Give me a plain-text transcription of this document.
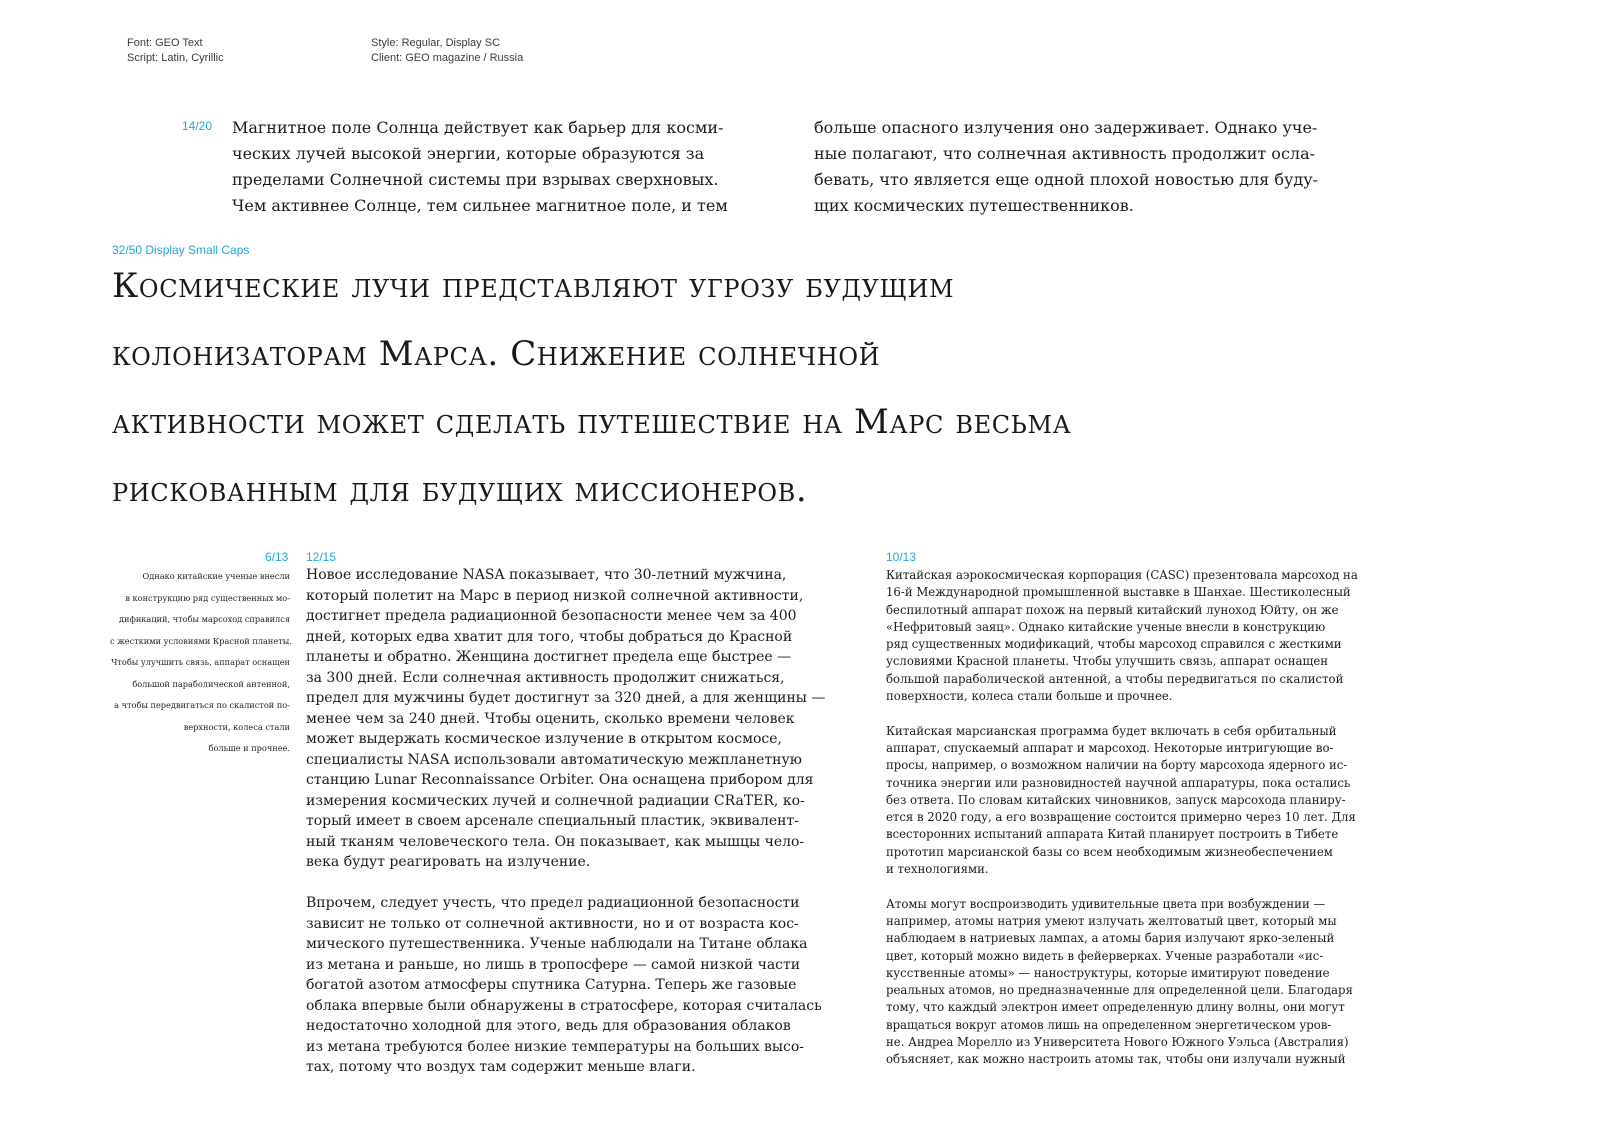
Font: GEO Text
Script: Latin, Cyrillic
Style: Regular, Display SC
Client: GEO magazine / Russia
14/20 Магнитное поле Солнца действует как барьер для косми-
ческих лучей высокой энергии, которые образуются за
пределами Солнечной системы при взрывах сверхновых.
Чем активнее Солнце, тем сильнее магнитное поле, и тем
больше опасного излучения оно задерживает. Однако уче-
ные полагают, что солнечная активность продолжит осла-
бевать, что является еще одной плохой новостью для буду-
щих космических путешественников.
32/50 Display Small Caps
Космические лучи представляют угрозу будущим
колонизаторам Марса. Снижение солнечной
активности может сделать путешествие на Марс весьма
рискованным для будущих миссионеров.
6/13
Однако китайские ученые внесли
в конструкцию ряд существенных мо-
дификаций, чтобы марсоход справился
с жесткими условиями Красной планеты.
Чтобы улучшить связь, аппарат оснащен
большой параболической антенной,
а чтобы передвигаться по скалистой по-
верхности, колеса стали
больше и прочнее.
12/15
Новое исследование NASA показывает, что 30-летний мужчина,
который полетит на Марс в период низкой солнечной активности,
достигнет предела радиационной безопасности менее чем за 400
дней, которых едва хватит для того, чтобы добраться до Красной
планеты и обратно. Женщина достигнет предела еще быстрее —
за 300 дней. Если солнечная активность продолжит снижаться,
предел для мужчины будет достигнут за 320 дней, а для женщины —
менее чем за 240 дней. Чтобы оценить, сколько времени человек
может выдержать космическое излучение в открытом космосе,
специалисты NASA использовали автоматическую межпланетную
станцию Lunar Reconnaissance Orbiter. Она оснащена прибором для
измерения космических лучей и солнечной радиации CRaTER, ко-
торый имеет в своем арсенале специальный пластик, эквивалент-
ный тканям человеческого тела. Он показывает, как мышцы чело-
века будут реагировать на излучение.
Впрочем, следует учесть, что предел радиационной безопасности
зависит не только от солнечной активности, но и от возраста кос-
мического путешественника. Ученые наблюдали на Титане облака
из метана и раньше, но лишь в тропосфере — самой низкой части
богатой азотом атмосферы спутника Сатурна. Теперь же газовые
облака впервые были обнаружены в стратосфере, которая считалась
недостаточно холодной для этого, ведь для образования облаков
из метана требуются более низкие температуры на больших высо-
тах, потому что воздух там содержит меньше влаги.
10/13
Китайская аэрокосмическая корпорация (CASC) презентовала марсоход на
16-й Международной промышленной выставке в Шанхае. Шестиколесный
беспилотный аппарат похож на первый китайский луноход Юйту, он же
«Нефритовый заяц». Однако китайские ученые внесли в конструкцию
ряд существенных модификаций, чтобы марсоход справился с жесткими
условиями Красной планеты. Чтобы улучшить связь, аппарат оснащен
большой параболической антенной, а чтобы передвигаться по скалистой
поверхности, колеса стали больше и прочнее.
Китайская марсианская программа будет включать в себя орбитальный
аппарат, спускаемый аппарат и марсоход. Некоторые интригующие во-
просы, например, о возможном наличии на борту марсохода ядерного ис-
точника энергии или разновидностей научной аппаратуры, пока остались
без ответа. По словам китайских чиновников, запуск марсохода планиру-
ется в 2020 году, а его возвращение состоится примерно через 10 лет. Для
всесторонних испытаний аппарата Китай планирует построить в Тибете
прототип марсианской базы со всем необходимым жизнеобеспечением
и технологиями.
Атомы могут воспроизводить удивительные цвета при возбуждении —
например, атомы натрия умеют излучать желтоватый цвет, который мы
наблюдаем в натриевых лампах, а атомы бария излучают ярко-зеленый
цвет, который можно видеть в фейерверках. Ученые разработали «ис-
кусственные атомы» — наноструктуры, которые имитируют поведение
реальных атомов, но предназначенные для определенной цели. Благодаря
тому, что каждый электрон имеет определенную длину волны, они могут
вращаться вокруг атомов лишь на определенном энергетическом уров-
не. Андреа Морелло из Университета Нового Южного Уэльса (Австралия)
объясняет, как можно настроить атомы так, чтобы они излучали нужный
